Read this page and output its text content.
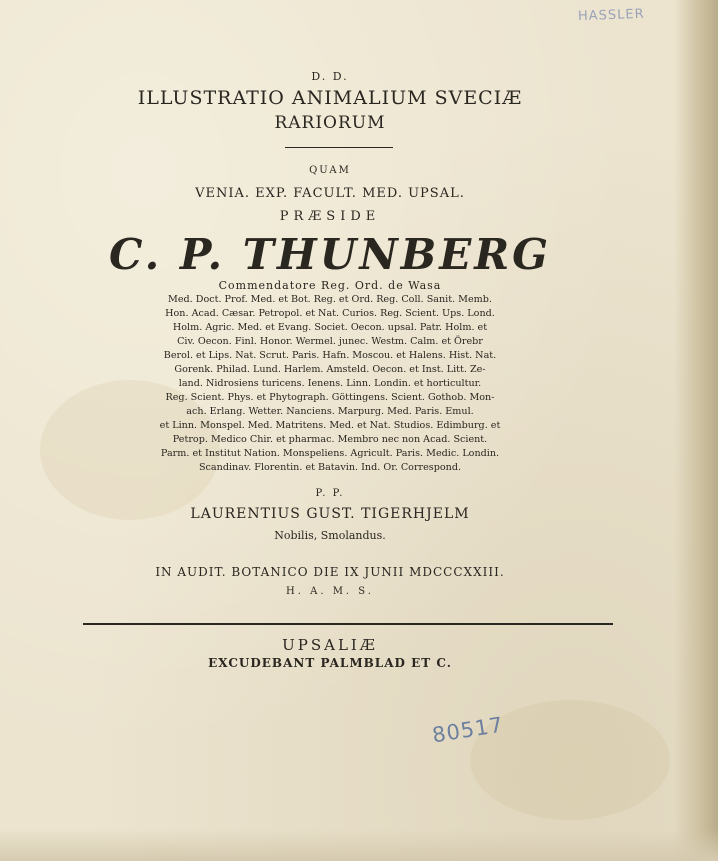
HASSLER
D. D.
ILLUSTRATIO ANIMALIUM SVECIÆ
RARIORUM
QUAM
VENIA. EXP. FACULT. MED. UPSAL.
PRÆSIDE
C. P. THUNBERG
Commendatore Reg. Ord. de Wasa
Med. Doct. Prof. Med. et Bot. Reg. et Ord. Reg. Coll. Sanit. Memb.
Hon. Acad. Cæsar. Petropol. et Nat. Curios. Reg. Scient. Ups. Lond.
Holm. Agric. Med. et Evang. Societ. Oecon. upsal. Patr. Holm. et
Civ. Oecon. Finl. Honor. Wermel. junec. Westm. Calm. et Örebr
Berol. et Lips. Nat. Scrut. Paris. Hafn. Moscou. et Halens. Hist. Nat.
Gorenk. Philad. Lund. Harlem. Amsteld. Oecon. et Inst. Litt. Ze-
land. Nidrosiens turicens. Ienens. Linn. Londin. et horticultur.
Reg. Scient. Phys. et Phytograph. Göttingens. Scient. Gothob. Mon-
ach. Erlang. Wetter. Nanciens. Marpurg. Med. Paris. Emul.
et Linn. Monspel. Med. Matritens. Med. et Nat. Studios. Edimburg. et
Petrop. Medico Chir. et pharmac. Membro nec non Acad. Scient.
Parm. et Institut Nation. Monspeliens. Agricult. Paris. Medic. Londin.
Scandinav. Florentin. et Batavin. Ind. Or. Correspond.
P. P.
LAURENTIUS GUST. TIGERHJELM
Nobilis, Smolandus.
IN AUDIT. BOTANICO DIE IX JUNII MDCCCXXIII.
H. A. M. S.
UPSALIÆ
EXCUDEBANT PALMBLAD ET C.
80517
